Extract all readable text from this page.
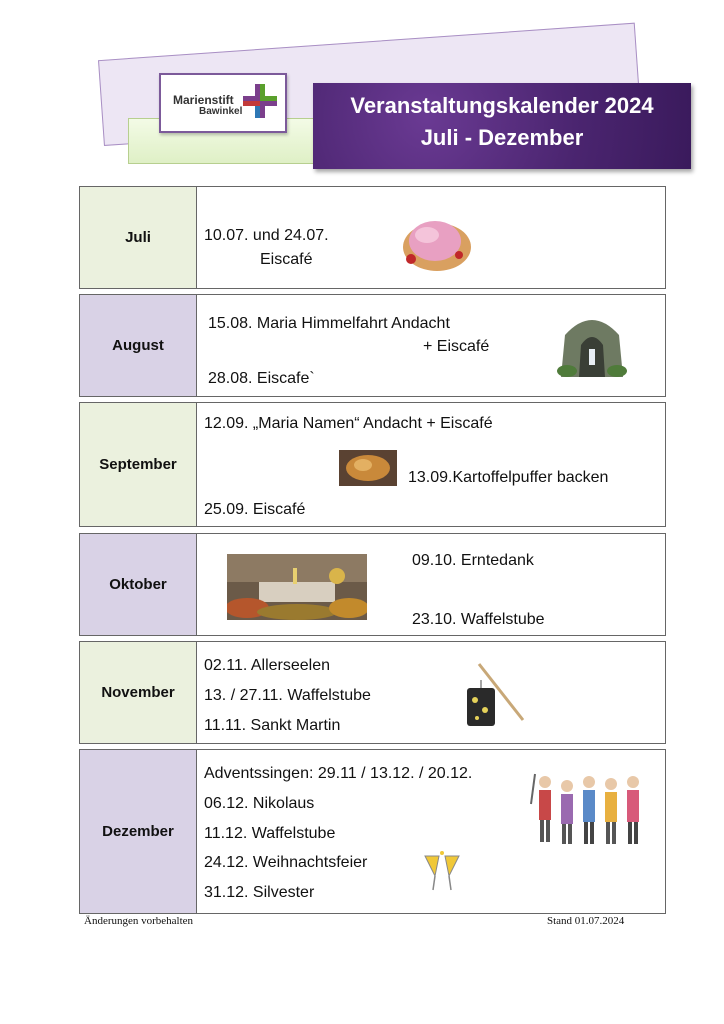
Marienstift
Bawinkel	Veranstaltungskalender 2024
Juli - Dezember
Juli	10.07. und 24.07.
Eiscafé
August
15.08. Maria Himmelfahrt Andacht
+ Eiscafé
28.08. Eiscafe`
September
12.09. „Maria Namen“ Andacht + Eiscafé
13.09.Kartoffelpuffer backen
25.09. Eiscafé
Oktober
09.10. Erntedank
23.10. Waffelstube
November
02.11. Allerseelen
13. / 27.11. Waffelstube
11.11. Sankt Martin
Dezember
Adventssingen: 29.11 / 13.12. / 20.12.
06.12. Nikolaus
11.12. Waffelstube
24.12. Weihnachtsfeier
31.12. Silvester
Änderungen vorbehalten	Stand 01.07.2024
